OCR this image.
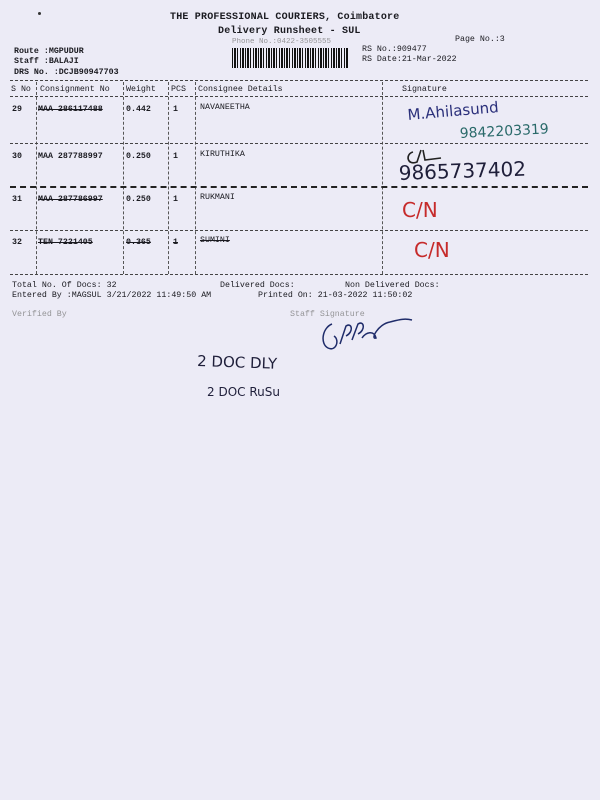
THE PROFESSIONAL COURIERS, Coimbatore
Delivery Runsheet - SUL
Phone No.:0422-3505555	Page No.:3
Route :MGPUDUR
Staff :BALAJI
DRS No. :DCJB90947703
RS No.:909477
RS Date:21-Mar-2022
S No Consignment No Weight PCS Consignee Details	Signature
29 MAA 286117488	0.442	1	NAVANEETHA
30 MAA 287788997	0.250	1	KIRUTHIKA
31 MAA 287786997	0.250	1	RUKMANI
32 TEN 7221405	0.365	1	SUMINI
M.Ahilasund
9842203319
9865737402
C/N
C/N
Total No. Of Docs: 32	Delivered Docs:	Non Delivered Docs:
Entered By :MAGSUL 3/21/2022 11:49:50 AM	Printed On: 21-03-2022 11:50:02
Verified By	Staff Signature
2 DOC DLY
2 DOC RuSu
